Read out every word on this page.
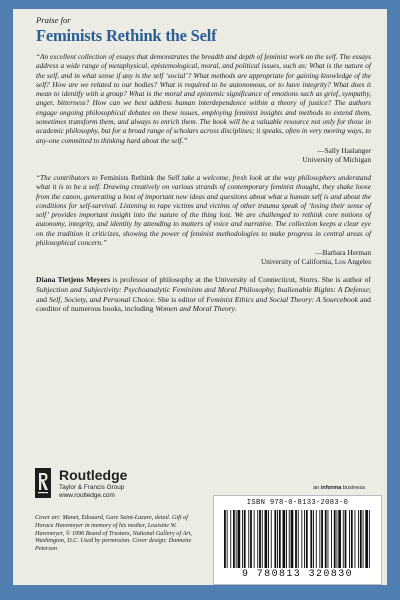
Praise for

Feminists Rethink the Self

“An excellent collection of essays that demonstrates the breadth and depth of feminist work on the self. The essays address a wide range of metaphysical, epistemological, moral, and political issues, such as: What is the nature of the self, and in what sense if any is the self ‘social’? What methods are appropriate for gaining knowledge of the self? How are we related to our bodies? What is required to be autonomous, or to have integrity? What does it mean to identify with a group? What is the moral and epistemic significance of emotions such as grief, sympathy, anger, bitterness? How can we best address human interdependence within a theory of justice? The authors engage ongoing philosophical debates on these issues, employing feminist insights and methods to extend them, sometimes transform them, and always to enrich them. The book will be a valuable resource not only for those in academic philosophy, but for a broad range of scholars across disciplines; it speaks, often in very moving ways, to any-one committed to thinking hard about the self.”

—Sally Haslanger
University of Michigan

“The contributors to Feminists Rethink the Self take a welcome, fresh look at the way philosophers understand what it is to be a self. Drawing creatively on various strands of contemporary feminist thought, they shake loose from the canon, generating a host of important new ideas and questions about what a human self is and about the conditions for self-survival. Listening to rape victims and victims of other trauma speak of ‘losing their sense of self’ provides important insight into the nature of the thing lost. We are challenged to rethink core notions of autonomy, integrity, and identity by attending to matters of voice and narrative. The collection keeps a clear eye on the tradition it criticizes, showing the power of feminist methodologies to make progress in central areas of philosophical concern.”

—Barbara Herman
University of California, Los Angeles
Diana Tietjens Meyers is professor of philosophy at the University of Connecticut, Storrs. She is author of Subjection and Subjectivity: Psychoanalytic Feminism and Moral Philosophy; Inalienable Rights: A Defense; and Self, Society, and Personal Choice. She is editor of Feminist Ethics and Social Theory: A Sourcebook and coeditor of numerous books, including Women and Moral Theory.
Routledge
Taylor & Francis Group
www.routledge.com
an informa business
Cover art: Manet, Edouard, Gare Saint-Lazare, detail. Gift of Horace Havemeyer in memory of his mother, Louisine W. Havemeyer, © 1996 Board of Trustees, National Gallery of Art, Washington, D.C. Used by permission. Cover design: Dannette Peterson
ISBN 978-0-8133-2083-0
9 780813 320830
